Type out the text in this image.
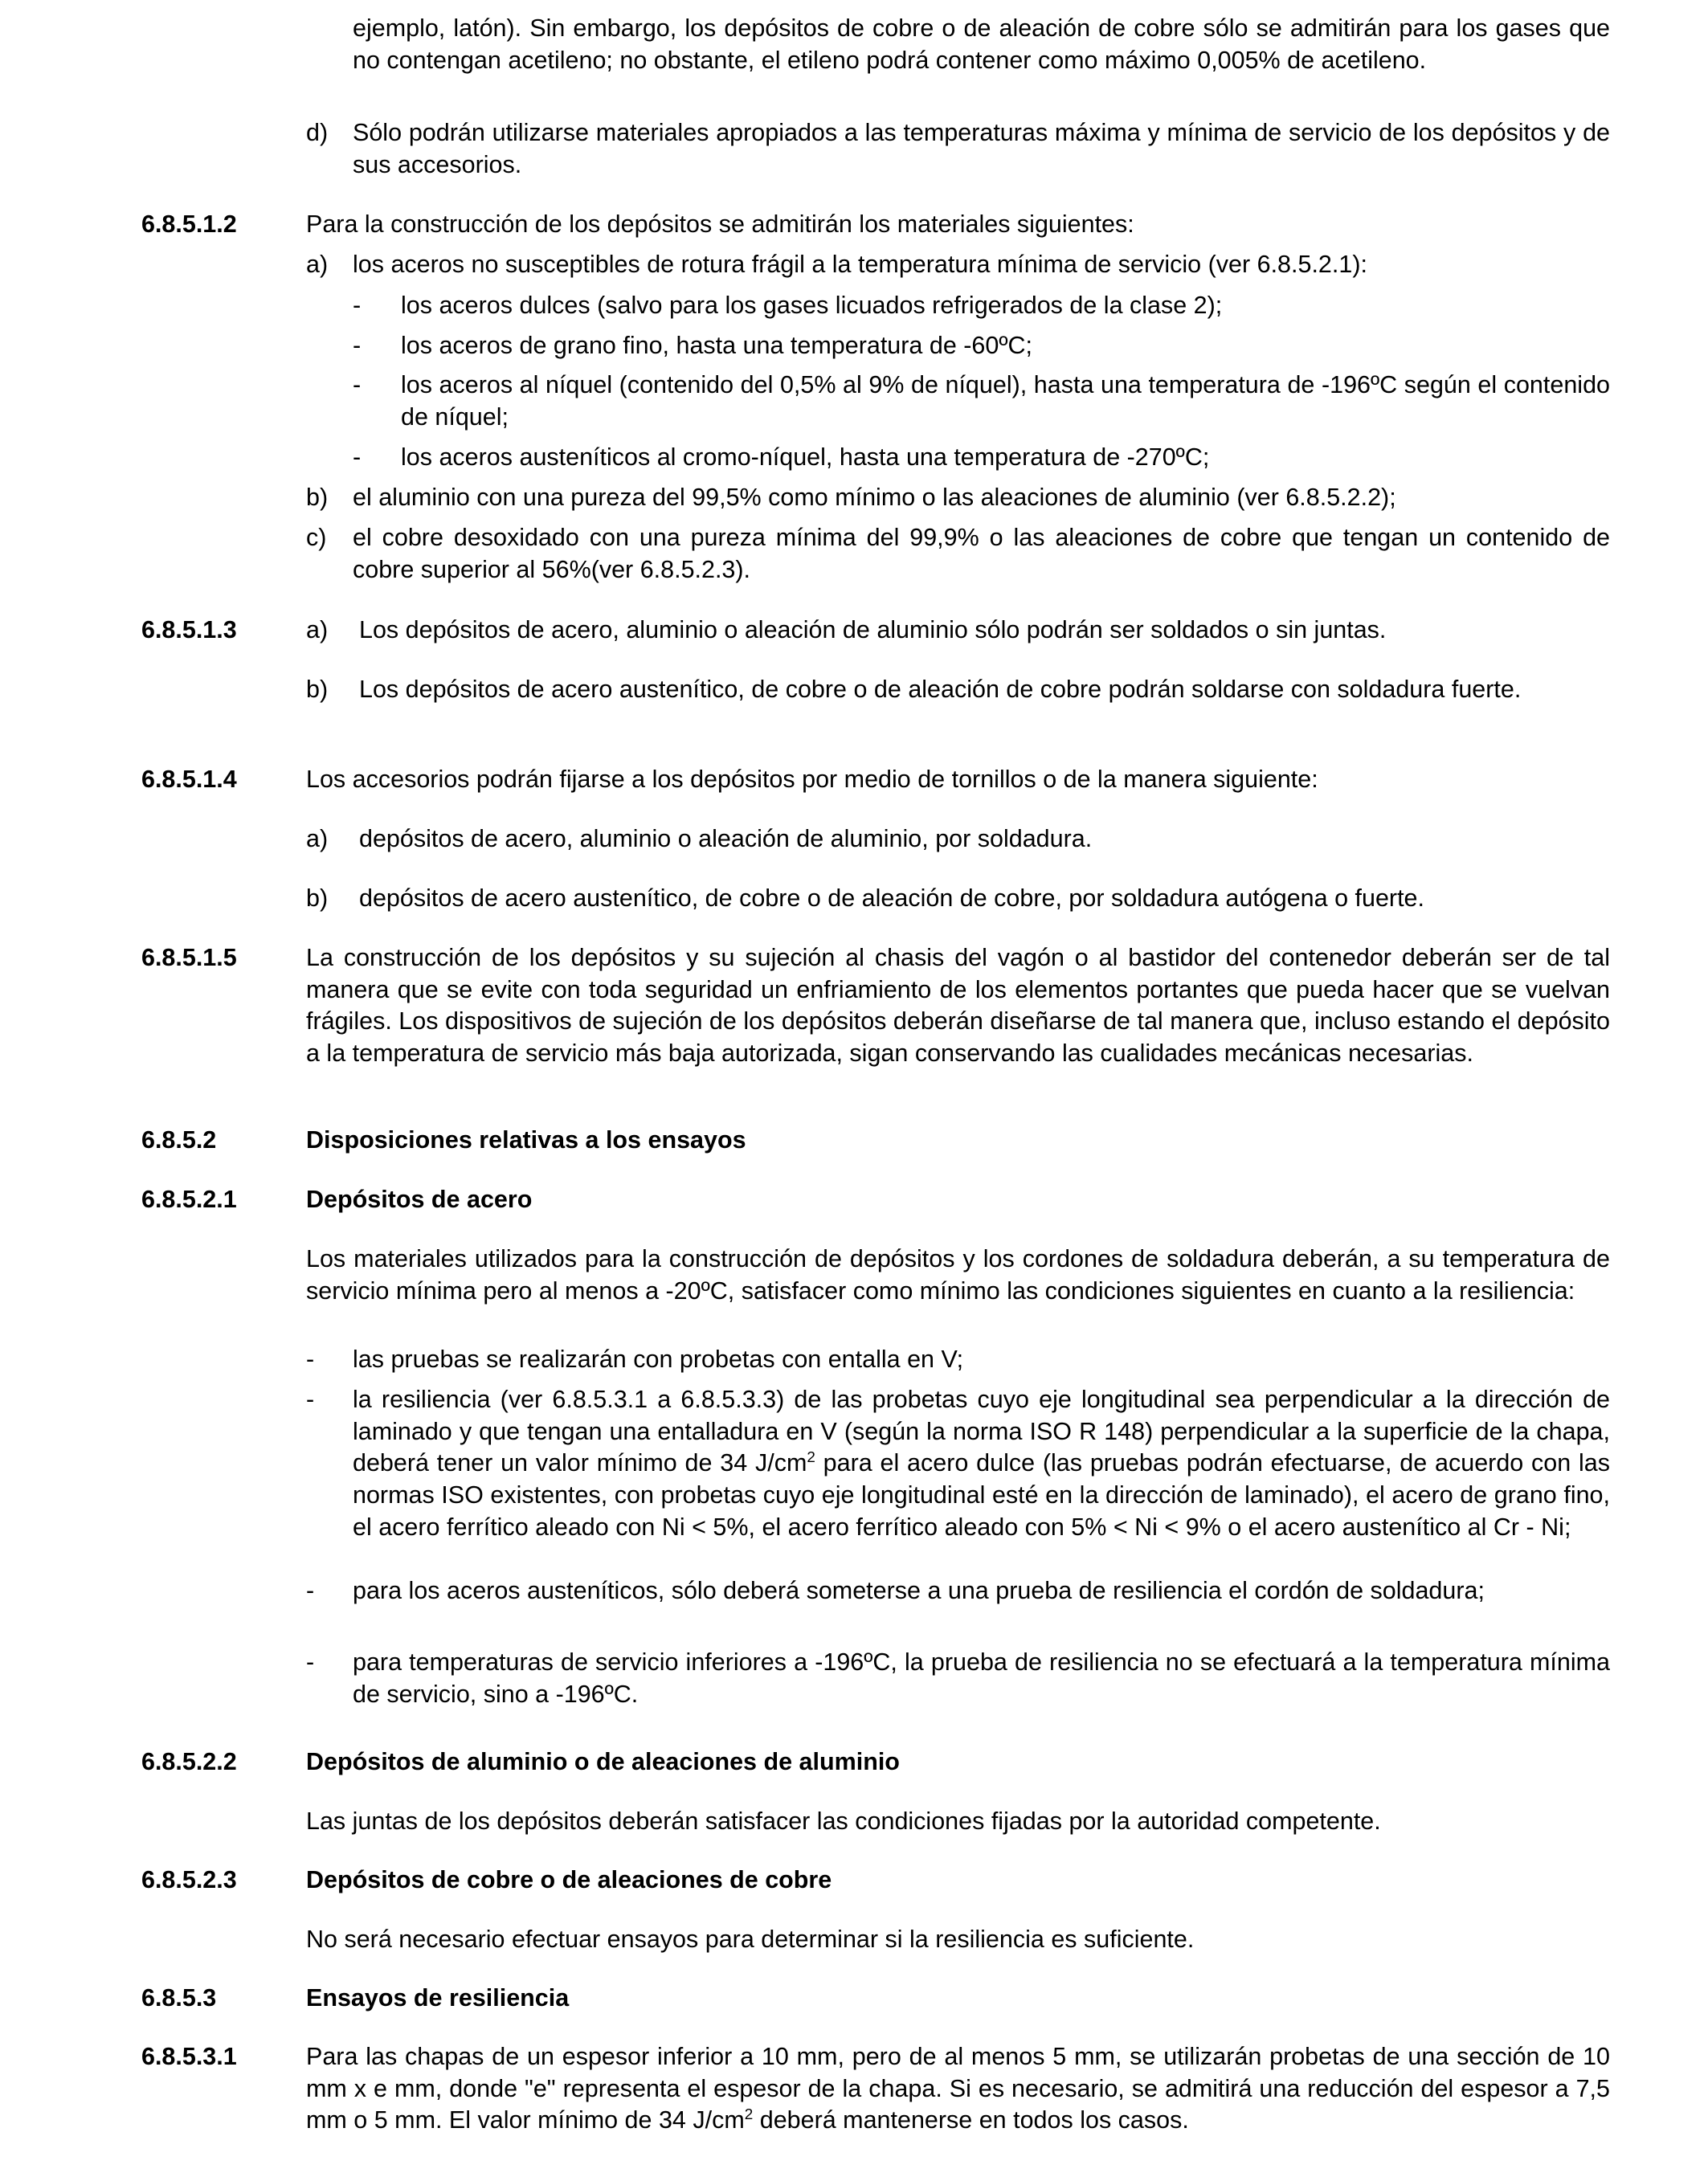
ejemplo, latón). Sin embargo, los depósitos de cobre o de aleación de cobre sólo se admitirán para los gases que no contengan acetileno; no obstante, el etileno podrá contener como máximo 0,005% de acetileno.
d) Sólo podrán utilizarse materiales apropiados a las temperaturas máxima y mínima de servicio de los depósitos y de sus accesorios.
6.8.5.1.2	Para la construcción de los depósitos se admitirán los materiales siguientes:
a) los aceros no susceptibles de rotura frágil a la temperatura mínima de servicio (ver 6.8.5.2.1):
- los aceros dulces (salvo para los gases licuados refrigerados de la clase 2);
- los aceros de grano fino, hasta una temperatura de -60ºC;
- los aceros al níquel (contenido del 0,5% al 9% de níquel), hasta una temperatura de -196ºC según el contenido de níquel;
- los aceros austeníticos al cromo-níquel, hasta una temperatura de -270ºC;
b) el aluminio con una pureza del 99,5% como mínimo o las aleaciones de aluminio (ver 6.8.5.2.2);
c) el cobre desoxidado con una pureza mínima del 99,9% o las aleaciones de cobre que tengan un contenido de cobre superior al 56%(ver 6.8.5.2.3).
6.8.5.1.3	a) Los depósitos de acero, aluminio o aleación de aluminio sólo podrán ser soldados o sin juntas.
b) Los depósitos de acero austenítico, de cobre o de aleación de cobre podrán soldarse con soldadura fuerte.
6.8.5.1.4	Los accesorios podrán fijarse a los depósitos por medio de tornillos o de la manera siguiente:
a) depósitos de acero, aluminio o aleación de aluminio, por soldadura.
b) depósitos de acero austenítico, de cobre o de aleación de cobre, por soldadura autógena o fuerte.
6.8.5.1.5	La construcción de los depósitos y su sujeción al chasis del vagón o al bastidor del contenedor deberán ser de tal manera que se evite con toda seguridad un enfriamiento de los elementos portantes que pueda hacer que se vuelvan frágiles. Los dispositivos de sujeción de los depósitos deberán diseñarse de tal manera que, incluso estando el depósito a la temperatura de servicio más baja autorizada, sigan conservando las cualidades mecánicas necesarias.
6.8.5.2	Disposiciones relativas a los ensayos
6.8.5.2.1	Depósitos de acero
Los materiales utilizados para la construcción de depósitos y los cordones de soldadura deberán, a su temperatura de servicio mínima pero al menos a -20ºC, satisfacer como mínimo las condiciones siguientes en cuanto a la resiliencia:
- las pruebas se realizarán con probetas con entalla en V;
- la resiliencia (ver 6.8.5.3.1 a 6.8.5.3.3) de las probetas cuyo eje longitudinal sea perpendicular a la dirección de laminado y que tengan una entalladura en V (según la norma ISO R 148) perpendicular a la superficie de la chapa, deberá tener un valor mínimo de 34 $J/cm^2$ para el acero dulce (las pruebas podrán efectuarse, de acuerdo con las normas ISO existentes, con probetas cuyo eje longitudinal esté en la dirección de laminado), el acero de grano fino, el acero ferrítico aleado con Ni < 5%, el acero ferrítico aleado con 5% < Ni < 9% o el acero austenítico al Cr - Ni;
- para los aceros austeníticos, sólo deberá someterse a una prueba de resiliencia el cordón de soldadura;
- para temperaturas de servicio inferiores a -196ºC, la prueba de resiliencia no se efectuará a la temperatura mínima de servicio, sino a -196ºC.
6.8.5.2.2	Depósitos de aluminio o de aleaciones de aluminio
Las juntas de los depósitos deberán satisfacer las condiciones fijadas por la autoridad competente.
6.8.5.2.3	Depósitos de cobre o de aleaciones de cobre
No será necesario efectuar ensayos para determinar si la resiliencia es suficiente.
6.8.5.3	Ensayos de resiliencia
6.8.5.3.1	Para las chapas de un espesor inferior a 10 mm, pero de al menos 5 mm, se utilizarán probetas de una sección de 10 mm x e mm, donde "e" representa el espesor de la chapa. Si es necesario, se admitirá una reducción del espesor a 7,5 mm o 5 mm. El valor mínimo de 34 $J/cm^2$ deberá mantenerse en todos los casos.
